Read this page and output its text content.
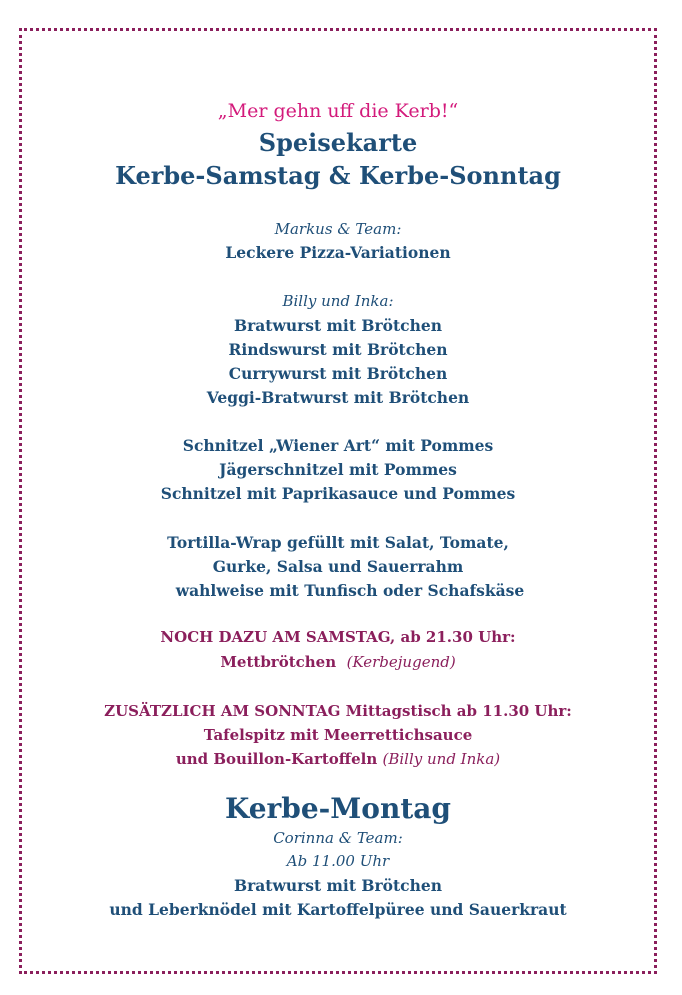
„Mer gehn uff die Kerb!“
Speisekarte
Kerbe-Samstag & Kerbe-Sonntag
Markus & Team:
Leckere Pizza-Variationen
Billy und Inka:
Bratwurst mit Brötchen
Rindswurst mit Brötchen
Currywurst mit Brötchen
Veggi-Bratwurst mit Brötchen
Schnitzel „Wiener Art“ mit Pommes
Jägerschnitzel mit Pommes
Schnitzel mit Paprikasauce und Pommes
Tortilla-Wrap gefüllt mit Salat, Tomate,
Gurke, Salsa und Sauerrahm
wahlweise mit Tunfisch oder Schafskäse
NOCH DAZU AM SAMSTAG, ab 21.30 Uhr:
Mettbrötchen (Kerbejugend)
ZUSÄTZLICH AM SONNTAG Mittagstisch ab 11.30 Uhr:
Tafelspitz mit Meerrettichsauce
und Bouillon-Kartoffeln (Billy und Inka)
Kerbe-Montag
Corinna & Team:
Ab 11.00 Uhr
Bratwurst mit Brötchen
und Leberknödel mit Kartoffelpüree und Sauerkraut
